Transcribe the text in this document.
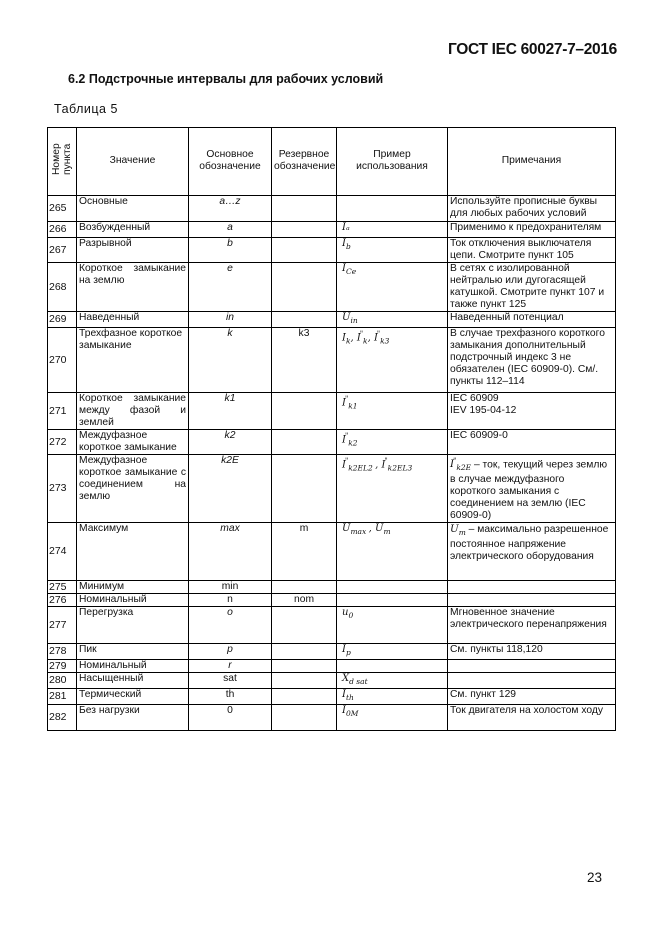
ГОСТ IEC 60027-7–2016
6.2 Подстрочные интервалы для рабочих условий
Таблица 5
Номер пункта	Значение	Основное обозначение	Резервное обозначение	Пример использования	Примечания
265	Основные	a…z			Используйте прописные буквы для любых рабочих условий
266	Возбужденный	a		Iₐ	Применимо к предохранителям
267	Разрывной	b		$I_b$	Ток отключения выключателя цепи. Смотрите пункт 105
268	Короткое замыкание на землю	e		$I_{Ce}$	В сетях с изолированной нейтралью или дугогасящей катушкой. Смотрите пункт 107 и также пункт 125
269	Наведенный	in		$U_{in}$	Наведенный потенциал
270	Трехфазное короткое замыкание	k	k3	$I_k$, $I^"_k$, $I^"_{k3}$	В случае трехфазного короткого замыкания дополнительный подстрочный индекс 3 не обязателен (IEC 60909-0). См/. пункты 112–114
271	Короткое замыкание между фазой и землей	k1		$I^"_{k1}$	IEC 60909
IEV 195-04-12
272	Междуфазное короткое замыкание	k2		$I^"_{k2}$	IEC 60909-0
273	Междуфазное короткое замыкание с соединением на землю	k2E		$I^"_{k2EL2}$ , $I^"_{k2EL3}$	$I^"_{k2E}$ – ток, текущий через землю в случае междуфазного короткого замыкания с соединением на землю (IEC 60909-0)
274	Максимум	max	m	$U_{max}$ , $U_m$	$U_m$ – максимально разрешенное постоянное напряжение электрического оборудования
275	Минимум	min			
276	Номинальный	n	nom		
277	Перегрузка	o		$u_0$	Мгновенное значение электрического перенапряжения
278	Пик	p		$I_p$	См. пункты 118,120
279	Номинальный	r			
280	Насыщенный	sat		$X_{d sat}$	
281	Термический	th		$I_{th}$	См. пункт 129
282	Без нагрузки	0		$I_{0M}$	Ток двигателя на холостом ходу
23
